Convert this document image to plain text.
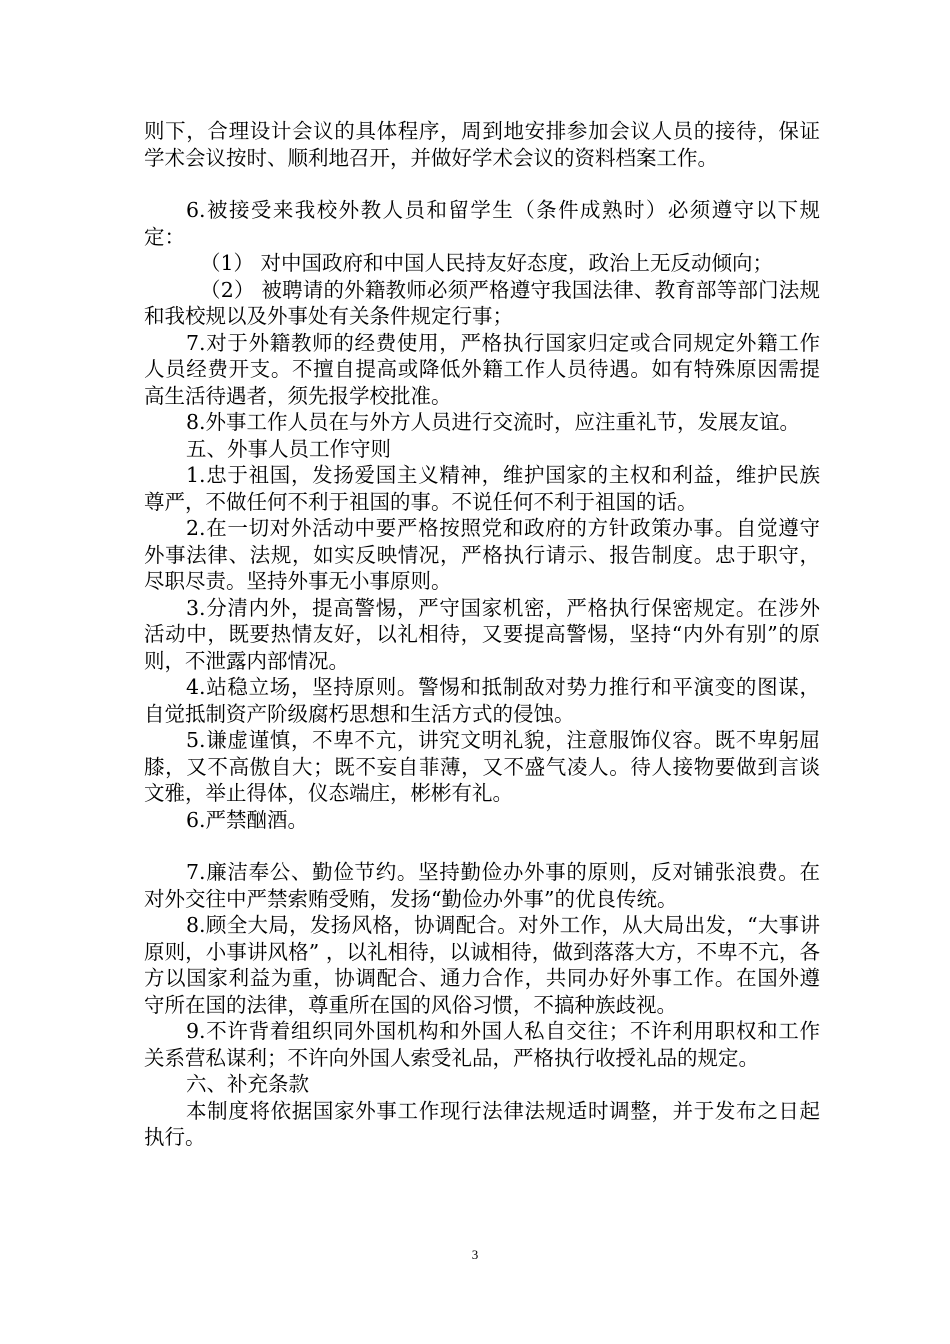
则下，合理设计会议的具体程序，周到地安排参加会议人员的接待，保证学术会议按时、顺利地召开，并做好学术会议的资料档案工作。

6.被接受来我校外教人员和留学生（条件成熟时）必须遵守以下规定：

（1） 对中国政府和中国人民持友好态度，政治上无反动倾向；

（2） 被聘请的外籍教师必须严格遵守我国法律、教育部等部门法规和我校规以及外事处有关条件规定行事；

7.对于外籍教师的经费使用，严格执行国家归定或合同规定外籍工作人员经费开支。不擅自提高或降低外籍工作人员待遇。如有特殊原因需提高生活待遇者，须先报学校批准。

8.外事工作人员在与外方人员进行交流时，应注重礼节，发展友谊。

五、外事人员工作守则

1.忠于祖国，发扬爱国主义精神，维护国家的主权和利益，维护民族尊严，不做任何不利于祖国的事。不说任何不利于祖国的话。

2.在一切对外活动中要严格按照党和政府的方针政策办事。自觉遵守外事法律、法规，如实反映情况，严格执行请示、报告制度。忠于职守，尽职尽责。坚持外事无小事原则。

3.分清内外，提高警惕，严守国家机密，严格执行保密规定。在涉外活动中，既要热情友好，以礼相待，又要提高警惕，坚持“内外有别”的原则，不泄露内部情况。

4.站稳立场，坚持原则。警惕和抵制敌对势力推行和平演变的图谋，自觉抵制资产阶级腐朽思想和生活方式的侵蚀。

5.谦虚谨慎，不卑不亢，讲究文明礼貌，注意服饰仪容。既不卑躬屈膝，又不高傲自大；既不妄自菲薄，又不盛气凌人。待人接物要做到言谈文雅，举止得体，仪态端庄，彬彬有礼。

6.严禁酗酒。

7.廉洁奉公、勤俭节约。坚持勤俭办外事的原则，反对铺张浪费。在对外交往中严禁索贿受贿，发扬“勤俭办外事”的优良传统。

8.顾全大局，发扬风格，协调配合。对外工作，从大局出发，“大事讲原则，小事讲风格” ，以礼相待，以诚相待，做到落落大方，不卑不亢，各方以国家利益为重，协调配合、通力合作，共同办好外事工作。在国外遵守所在国的法律，尊重所在国的风俗习惯，不搞种族歧视。

9.不许背着组织同外国机构和外国人私自交往；不许利用职权和工作关系营私谋利；不许向外国人索受礼品，严格执行收授礼品的规定。

六、补充条款

本制度将依据国家外事工作现行法律法规适时调整，并于发布之日起执行。

3
